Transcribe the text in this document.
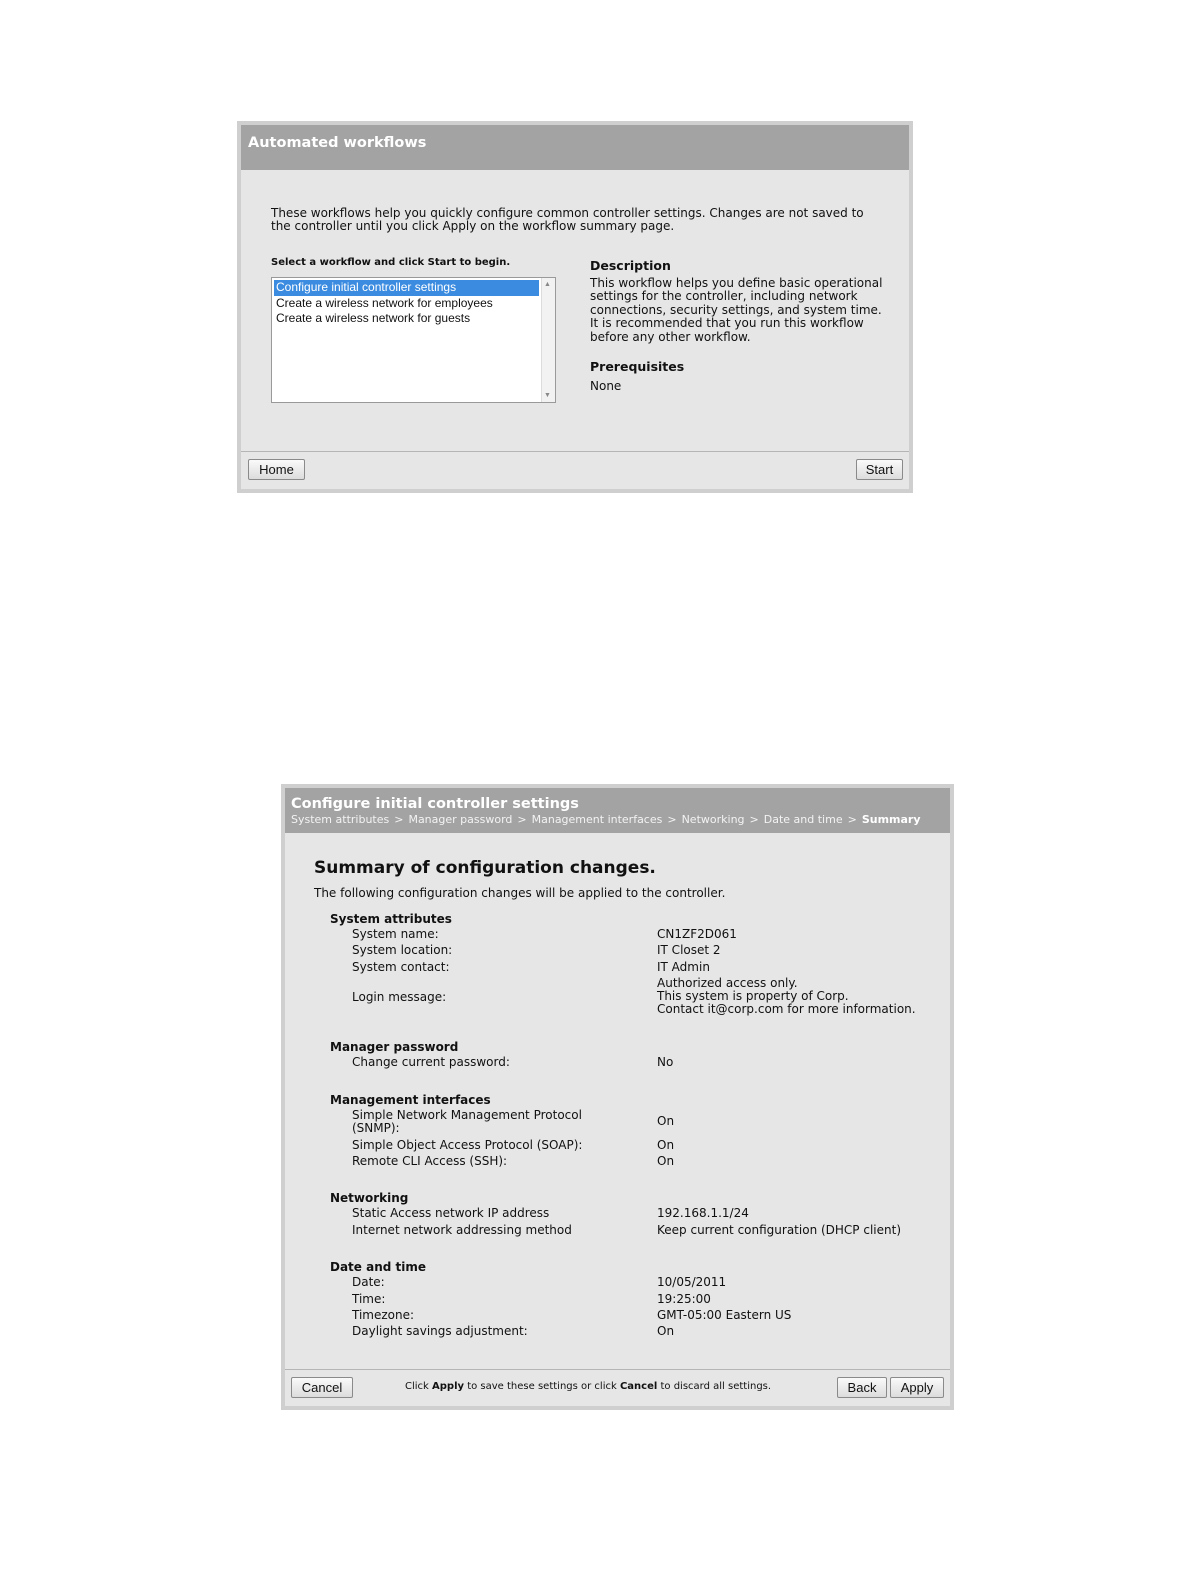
Automated workflows
These workflows help you quickly configure common controller settings. Changes are not saved to the controller until you click Apply on the workflow summary page.
Select a workflow and click Start to begin.
Configure initial controller settings
Create a wireless network for employees
Create a wireless network for guests
▲
▼
Description
This workflow helps you define basic operational settings for the controller, including network connections, security settings, and system time. It is recommended that you run this workflow before any other workflow.
Prerequisites
None
Home	Start
Configure initial controller settings
System attributes > Manager password > Management interfaces > Networking > Date and time > Summary
Summary of configuration changes.
The following configuration changes will be applied to the controller.
System attributes
System name:	CN1ZF2D061
System location:	IT Closet 2
System contact:	IT Admin
Login message:
Authorized access only.
This system is property of Corp.
Contact it@corp.com for more information.
Manager password
Change current password:	No
Management interfaces
Simple Network Management Protocol
(SNMP):	On
Simple Object Access Protocol (SOAP):	On
Remote CLI Access (SSH):	On
Networking
Static Access network IP address	192.168.1.1/24
Internet network addressing method	Keep current configuration (DHCP client)
Date and time
Date:	10/05/2011
Time:	19:25:00
Timezone:	GMT-05:00 Eastern US
Daylight savings adjustment:	On
Cancel	Click Apply to save these settings or click Cancel to discard all settings.	Back	Apply
